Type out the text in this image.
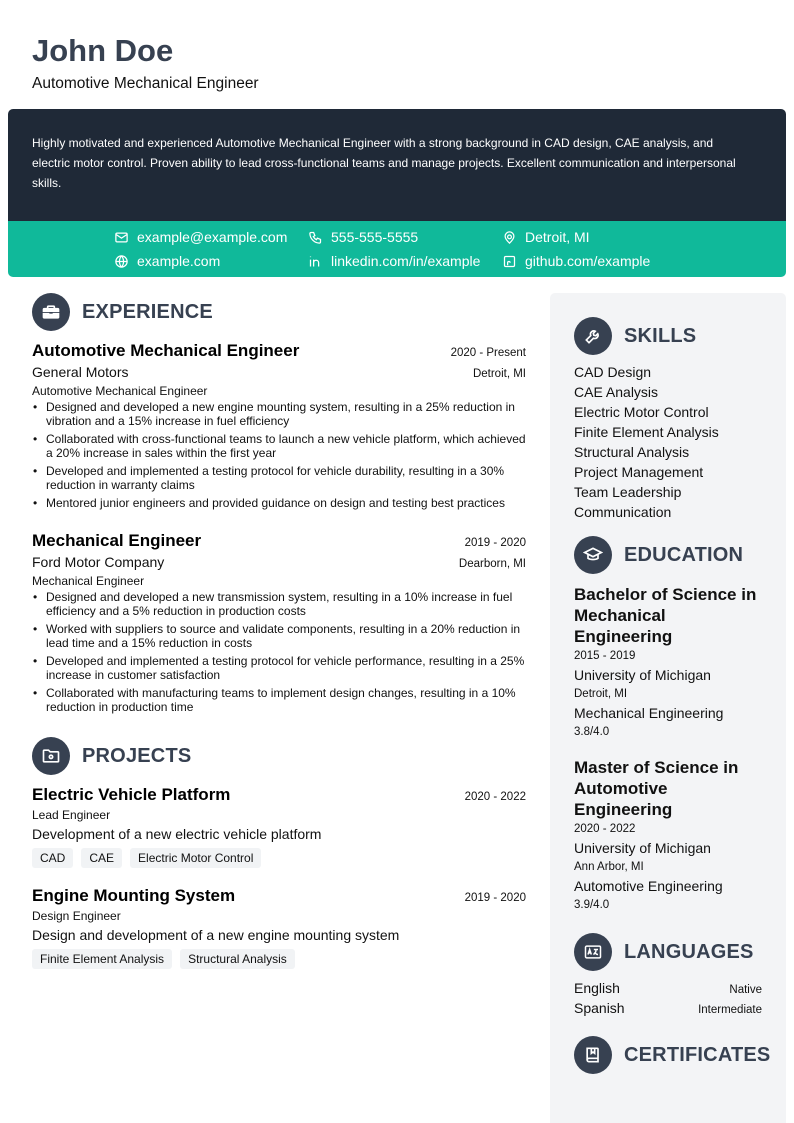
John Doe
Automotive Mechanical Engineer
Highly motivated and experienced Automotive Mechanical Engineer with a strong background in CAD design, CAE analysis, and electric motor control. Proven ability to lead cross-functional teams and manage projects. Excellent communication and interpersonal skills.
example@example.com	555-555-5555	Detroit, MI
example.com	linkedin.com/in/example	github.com/example
EXPERIENCE
Automotive Mechanical Engineer	2020 - Present
General Motors	Detroit, MI
Automotive Mechanical Engineer
• Designed and developed a new engine mounting system, resulting in a 25% reduction in vibration and a 15% increase in fuel efficiency
• Collaborated with cross-functional teams to launch a new vehicle platform, which achieved a 20% increase in sales within the first year
• Developed and implemented a testing protocol for vehicle durability, resulting in a 30% reduction in warranty claims
• Mentored junior engineers and provided guidance on design and testing best practices
Mechanical Engineer	2019 - 2020
Ford Motor Company	Dearborn, MI
Mechanical Engineer
• Designed and developed a new transmission system, resulting in a 10% increase in fuel efficiency and a 5% reduction in production costs
• Worked with suppliers to source and validate components, resulting in a 20% reduction in lead time and a 15% reduction in costs
• Developed and implemented a testing protocol for vehicle performance, resulting in a 25% increase in customer satisfaction
• Collaborated with manufacturing teams to implement design changes, resulting in a 10% reduction in production time
PROJECTS
Electric Vehicle Platform	2020 - 2022
Lead Engineer
Development of a new electric vehicle platform
CAD	CAE	Electric Motor Control
Engine Mounting System	2019 - 2020
Design Engineer
Design and development of a new engine mounting system
Finite Element Analysis	Structural Analysis
SKILLS
CAD Design
CAE Analysis
Electric Motor Control
Finite Element Analysis
Structural Analysis
Project Management
Team Leadership
Communication
EDUCATION
Bachelor of Science in Mechanical Engineering
2015 - 2019
University of Michigan
Detroit, MI
Mechanical Engineering
3.8/4.0
Master of Science in Automotive Engineering
2020 - 2022
University of Michigan
Ann Arbor, MI
Automotive Engineering
3.9/4.0
LANGUAGES
English	Native
Spanish	Intermediate
CERTIFICATES
